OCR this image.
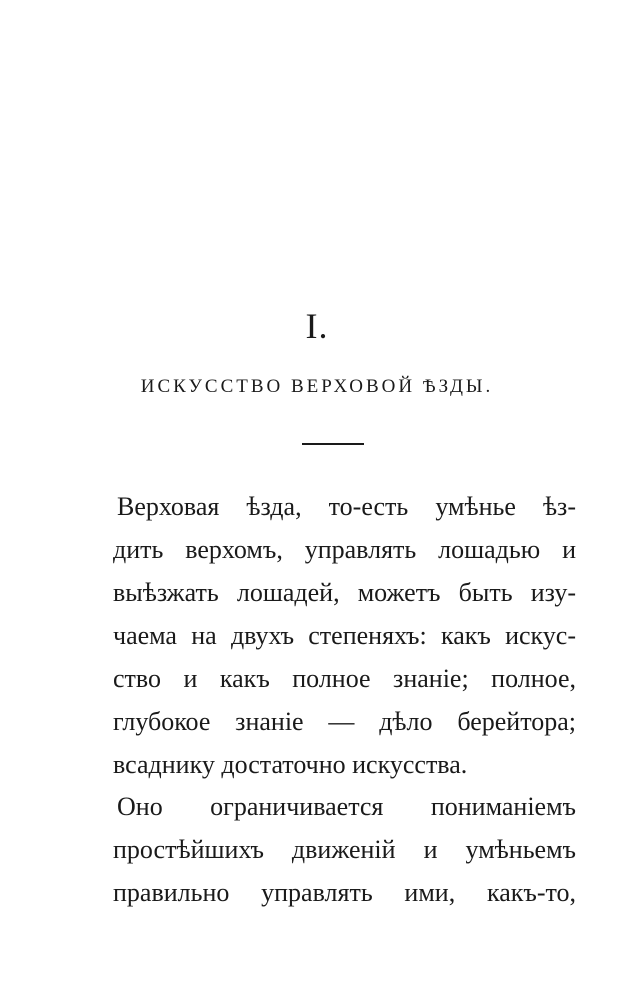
I.
ИСКУССТВО ВЕРХОВОЙ ѢЗДЫ.
Верховая ѣзда, то-есть умѣнье ѣз-
дить верхомъ, управлять лошадью и
выѣзжать лошадей, можетъ быть изу-
чаема на двухъ степеняхъ: какъ искус-
ство и какъ полное знаніе; полное,
глубокое знаніе — дѣло берейтора;
всаднику достаточно искусства.
Оно ограничивается пониманіемъ
простѣйшихъ движеній и умѣньемъ
правильно управлять ими, какъ-то,
